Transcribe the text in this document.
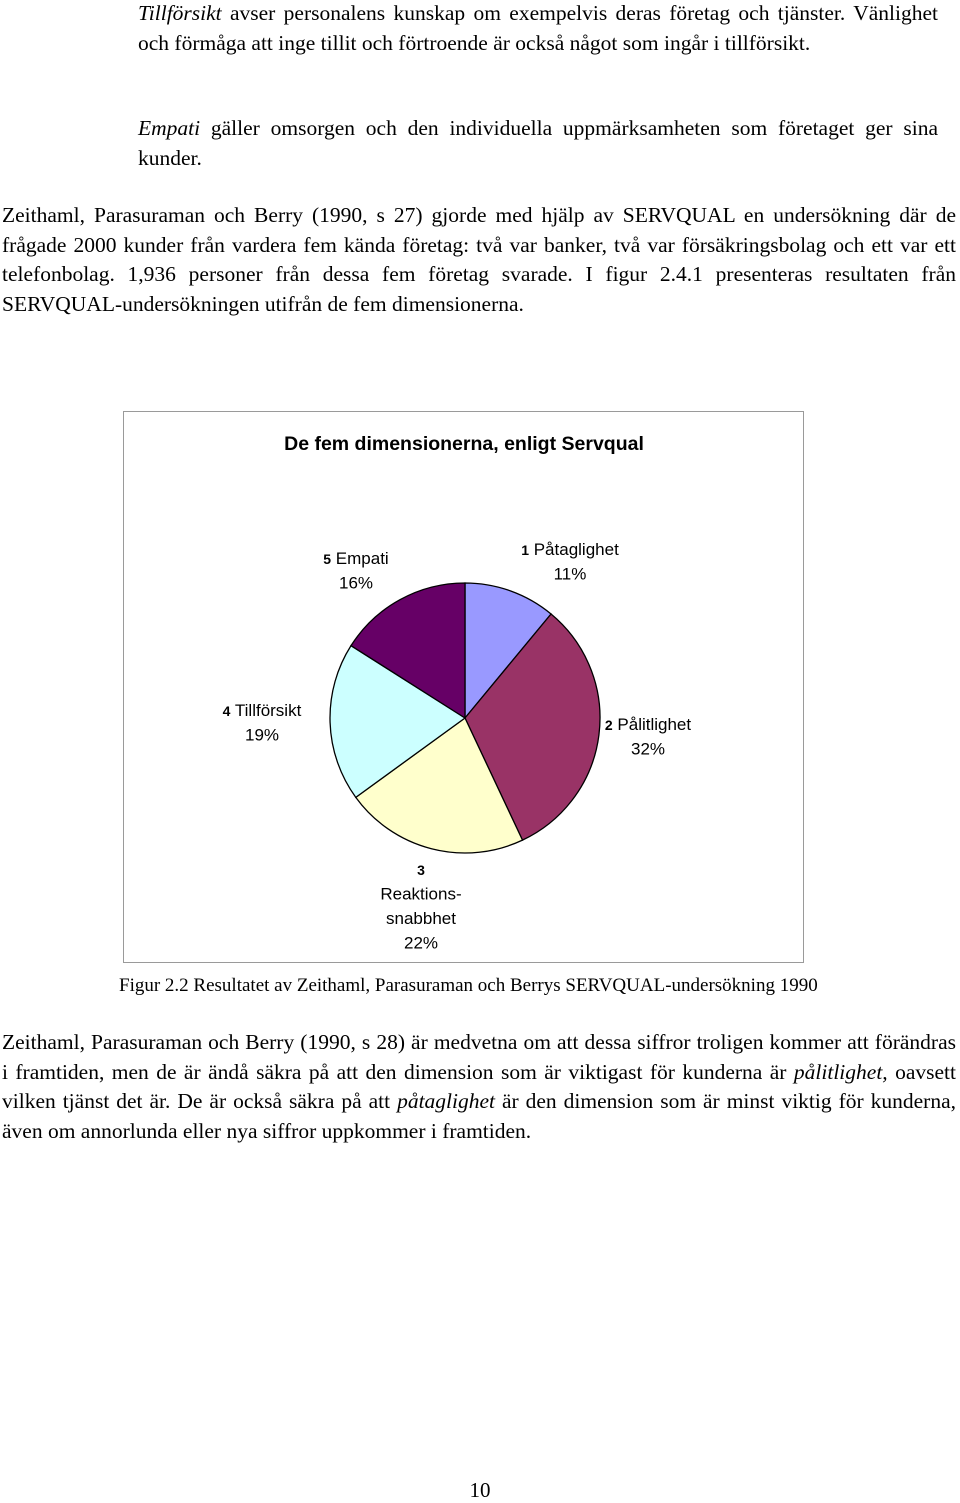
Tillförsikt avser personalens kunskap om exempelvis deras företag och tjänster. Vänlighet och förmåga att inge tillit och förtroende är också något som ingår i tillförsikt.

Empati gäller omsorgen och den individuella uppmärksamheten som företaget ger sina kunder.

Zeithaml, Parasuraman och Berry (1990, s 27) gjorde med hjälp av SERVQUAL en undersökning där de frågade 2000 kunder från vardera fem kända företag: två var banker, två var försäkringsbolag och ett var ett telefonbolag. 1,936 personer från dessa fem företag svarade. I figur 2.4.1 presenteras resultaten från SERVQUAL-undersökningen utifrån de fem dimensionerna.

De fem dimensionerna, enligt Servqual
1 Påtaglighet 11%
2 Pålitlighet 32%
3 Reaktions-snabbhet 22%
4 Tillförsikt 19%
5 Empati 16%
Figur 2.2 Resultatet av Zeithaml, Parasuraman och Berrys SERVQUAL-undersökning 1990

Zeithaml, Parasuraman och Berry (1990, s 28) är medvetna om att dessa siffror troligen kommer att förändras i framtiden, men de är ändå säkra på att den dimension som är viktigast för kunderna är pålitlighet, oavsett vilken tjänst det är. De är också säkra på att påtaglighet är den dimension som är minst viktig för kunderna, även om annorlunda eller nya siffror uppkommer i framtiden.

10
